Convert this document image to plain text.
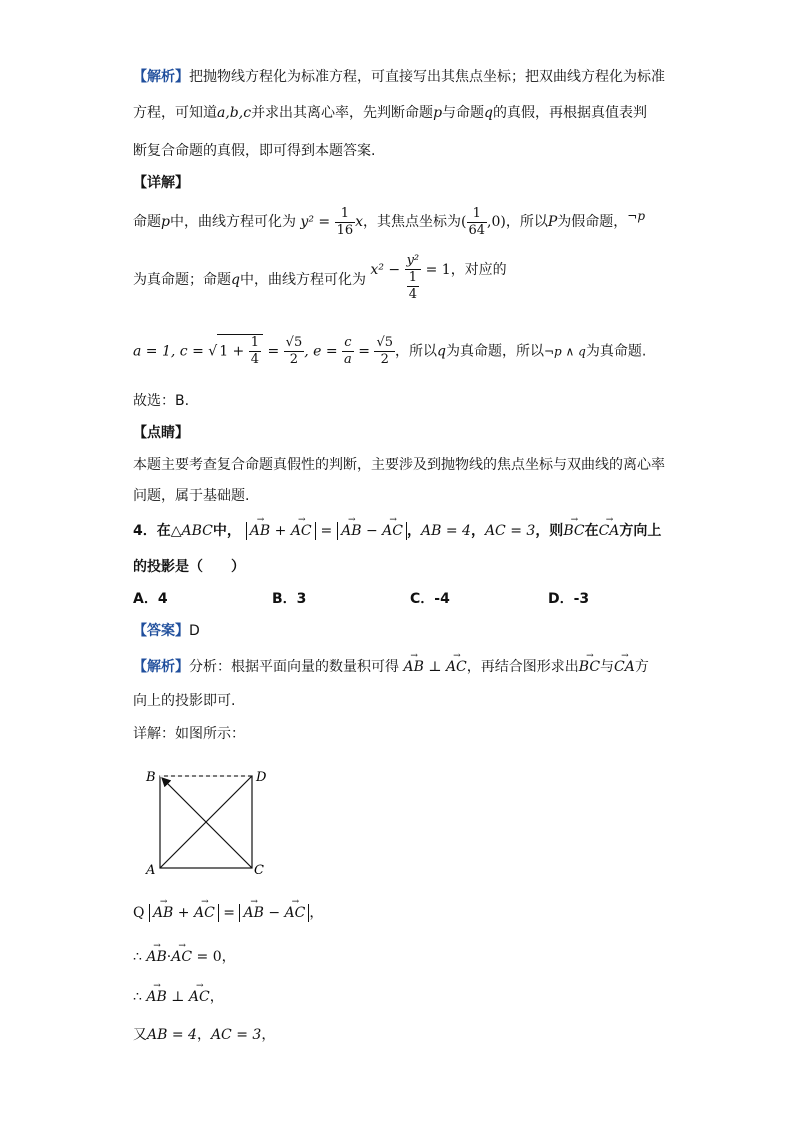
【解析】把抛物线方程化为标准方程，可直接写出其焦点坐标；把双曲线方程化为标准
方程，可知道a,b,c并求出其离心率，先判断命题p与命题q的真假，再根据真值表判
断复合命题的真假，即可得到本题答案.
【详解】
命题p中，曲线方程可化为 $y^2 = \frac{1}{16}$ x，其焦点坐标为( $\frac{1}{64} ,0$)，所以P为假命题，¬p
为真命题；命题q中，曲线方程可化为 $x^2 - \frac{\text{y²}}{\frac{1}{4}} = 1$，对应的
a = 1, c = √ $1 + \frac{1}{4} = \frac{√5}{2}$ , $e = \frac{c}{a} = \frac{√5}{2}$ ，所以q为真命题，所以¬p ∧ q为真命题.
故选：B.
【点睛】
本题主要考查复合命题真假性的判断，主要涉及到抛物线的焦点坐标与双曲线的离心率
问题，属于基础题.
4．在△ABC中， → AB + → AC = → AB − → AC ，AB = 4，AC = 3，则→ BC在→ CA方向上
的投影是（　　）
A．4	B．3	C．-4	D．-3
【答案】D
【解析】分析：根据平面向量的数量积可得 → AB ⊥ → AC，再结合图形求出→ BC与→ CA方
向上的投影即可.
详解：如图所示：
B	D
A	C
Q → AB + → AC = → AB − → AC ，
∴ → AB·→ AC = 0，
∴ → AB ⊥ → AC，
又AB = 4，AC = 3，
